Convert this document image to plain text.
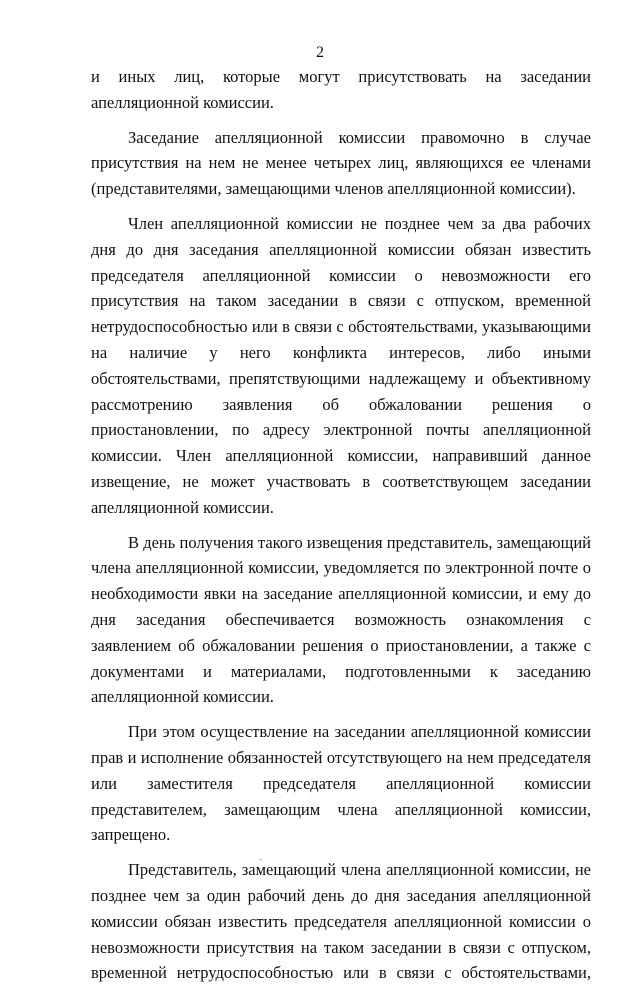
2

и иных лиц, которые могут присутствовать на заседании апелляционной комиссии.

Заседание апелляционной комиссии правомочно в случае присутствия на нем не менее четырех лиц, являющихся ее членами (представителями, замещающими членов апелляционной комиссии).

Член апелляционной комиссии не позднее чем за два рабочих дня до дня заседания апелляционной комиссии обязан известить председателя апелляционной комиссии о невозможности его присутствия на таком заседании в связи с отпуском, временной нетрудоспособностью или в связи с обстоятельствами, указывающими на наличие у него конфликта интересов, либо иными обстоятельствами, препятствующими надлежащему и объективному рассмотрению заявления об обжаловании решения о приостановлении, по адресу электронной почты апелляционной комиссии. Член апелляционной комиссии, направивший данное извещение, не может участвовать в соответствующем заседании апелляционной комиссии.

В день получения такого извещения представитель, замещающий члена апелляционной комиссии, уведомляется по электронной почте о необходимости явки на заседание апелляционной комиссии, и ему до дня заседания обеспечивается возможность ознакомления с заявлением об обжаловании решения о приостановлении, а также с документами и материалами, подготовленными к заседанию апелляционной комиссии.

При этом осуществление на заседании апелляционной комиссии прав и исполнение обязанностей отсутствующего на нем председателя или заместителя председателя апелляционной комиссии представителем, замещающим члена апелляционной комиссии, запрещено.

Представитель, замещающий члена апелляционной комиссии, не позднее чем за один рабочий день до дня заседания апелляционной комиссии обязан известить председателя апелляционной комиссии о невозможности присутствия на таком заседании в связи с отпуском, временной нетрудоспособностью или в связи с обстоятельствами,
